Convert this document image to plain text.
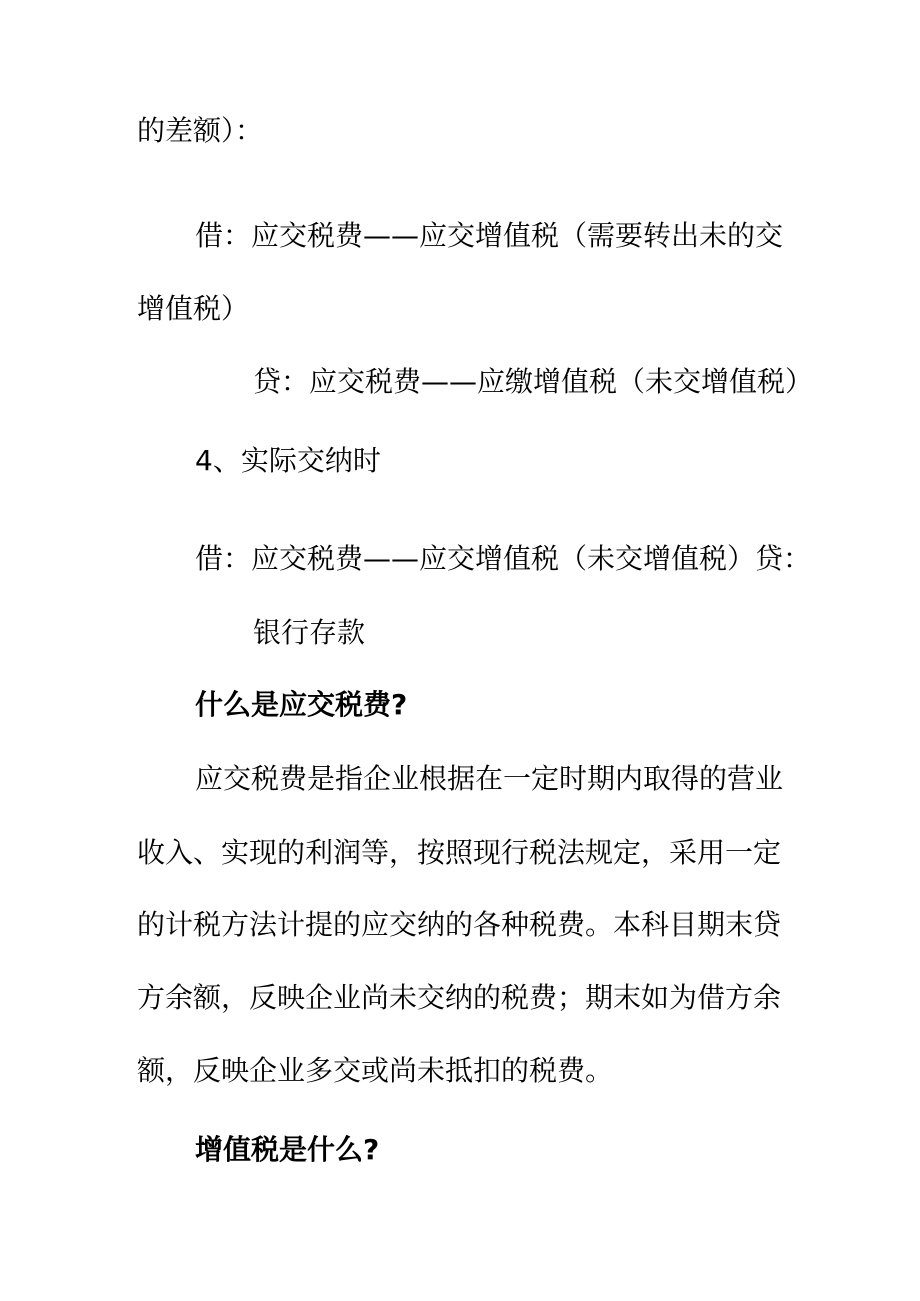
的差额）：

借：应交税费——应交增值税（需要转出未的交

增值税）

贷：应交税费——应缴增值税（未交增值税）

4、实际交纳时

借：应交税费——应交增值税（未交增值税）贷：

银行存款

什么是应交税费?

应交税费是指企业根据在一定时期内取得的营业

收入、实现的利润等，按照现行税法规定，采用一定

的计税方法计提的应交纳的各种税费。本科目期末贷

方余额，反映企业尚未交纳的税费；期末如为借方余

额，反映企业多交或尚未抵扣的税费。

增值税是什么?
